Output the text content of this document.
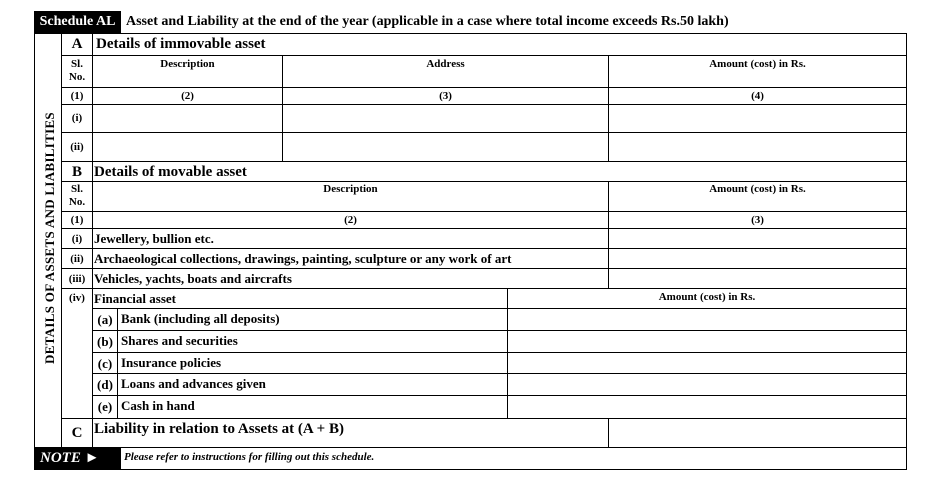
Schedule AL Asset and Liability at the end of the year (applicable in a case where total income exceeds Rs.50 lakh)
DETAILS OF ASSETS AND LIABILITIES
A Details of immovable asset
Sl.
No.
Description	Address	Amount (cost) in Rs.
(1)	(2)	(3)	(4)
(i)
(ii)
B Details of movable asset
Sl.
No.
Description	Amount (cost) in Rs.
(1)	(2)	(3)
(i) Jewellery, bullion etc.
(ii) Archaeological collections, drawings, painting, sculpture or any work of art
(iii) Vehicles, yachts, boats and aircrafts
(iv) Financial asset	Amount (cost) in Rs.
(a) Bank (including all deposits)
(b) Shares and securities
(c) Insurance policies
(d) Loans and advances given
(e) Cash in hand
C Liability in relation to Assets at (A + B)
NOTE ►	Please refer to instructions for filling out this schedule.
